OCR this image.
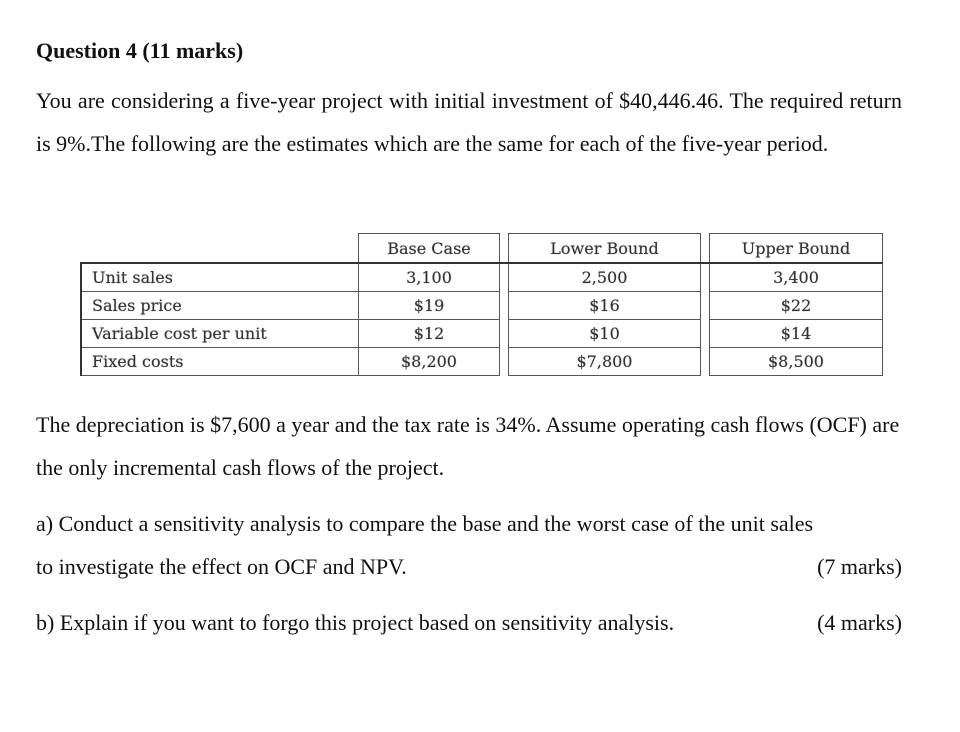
Question 4 (11 marks)

You are considering a five-year project with initial investment of $40,446.46. The required return is 9%.The following are the estimates which are the same for each of the five-year period.

	Base Case		Lower Bound		Upper Bound
Unit sales	3,100		2,500		3,400
Sales price	$19		$16		$22
Variable cost per unit	$12		$10		$14
Fixed costs	$8,200		$7,800		$8,500

The depreciation is $7,600 a year and the tax rate is 34%. Assume operating cash flows (OCF) are the only incremental cash flows of the project.

a) Conduct a sensitivity analysis to compare the base and the worst case of the unit sales
to investigate the effect on OCF and NPV.	(7 marks)
b) Explain if you want to forgo this project based on sensitivity analysis.	(4 marks)
